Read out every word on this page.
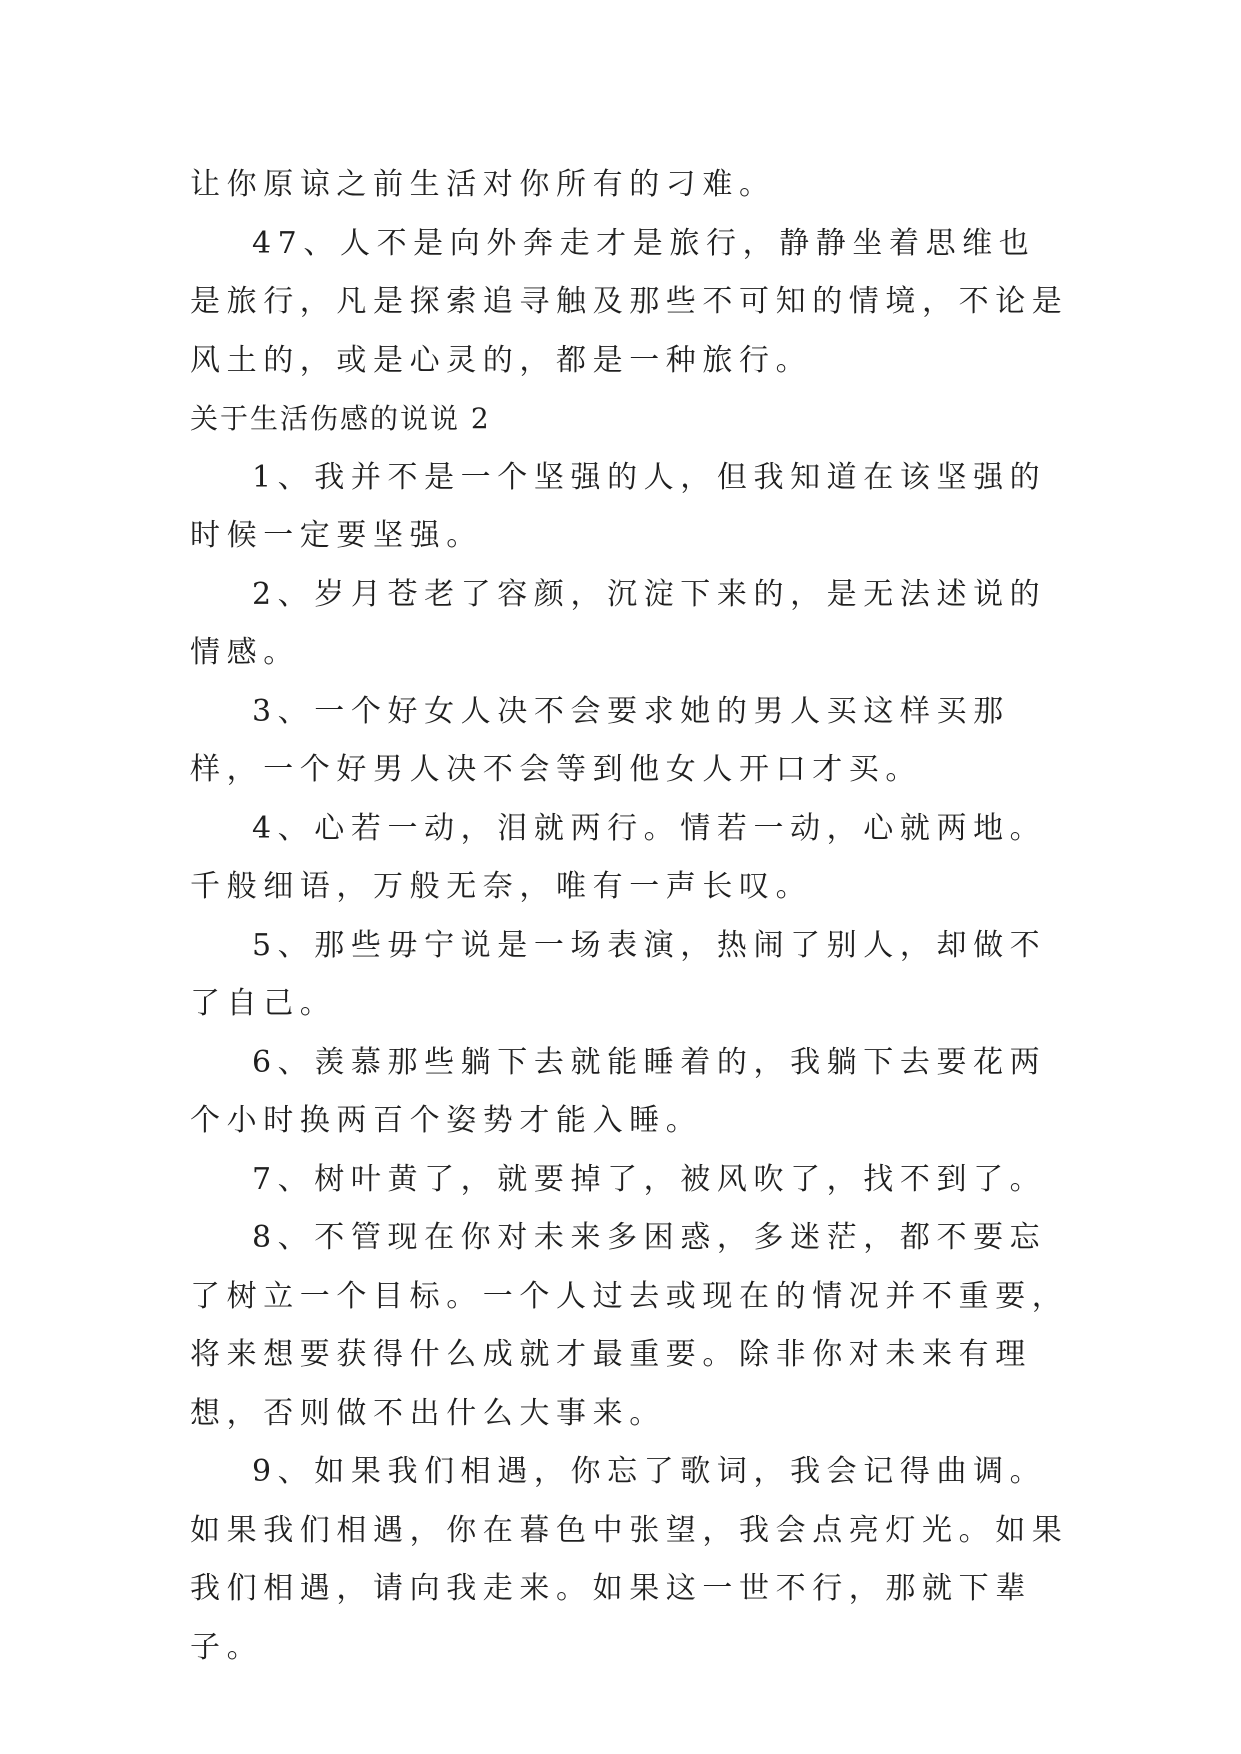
让你原谅之前生活对你所有的刁难。

47、人不是向外奔走才是旅行，静静坐着思维也是旅行，凡是探索追寻触及那些不可知的情境，不论是风土的，或是心灵的，都是一种旅行。

关于生活伤感的说说 2

1、我并不是一个坚强的人，但我知道在该坚强的时候一定要坚强。

2、岁月苍老了容颜，沉淀下来的，是无法述说的情感。

3、一个好女人决不会要求她的男人买这样买那样，一个好男人决不会等到他女人开口才买。

4、心若一动，泪就两行。情若一动，心就两地。千般细语，万般无奈，唯有一声长叹。

5、那些毋宁说是一场表演，热闹了别人，却做不了自己。

6、羡慕那些躺下去就能睡着的，我躺下去要花两个小时换两百个姿势才能入睡。

7、树叶黄了，就要掉了，被风吹了，找不到了。

8、不管现在你对未来多困惑，多迷茫，都不要忘了树立一个目标。一个人过去或现在的情况并不重要，将来想要获得什么成就才最重要。除非你对未来有理想，否则做不出什么大事来。

9、如果我们相遇，你忘了歌词，我会记得曲调。如果我们相遇，你在暮色中张望，我会点亮灯光。如果我们相遇，请向我走来。如果这一世不行，那就下辈子。
